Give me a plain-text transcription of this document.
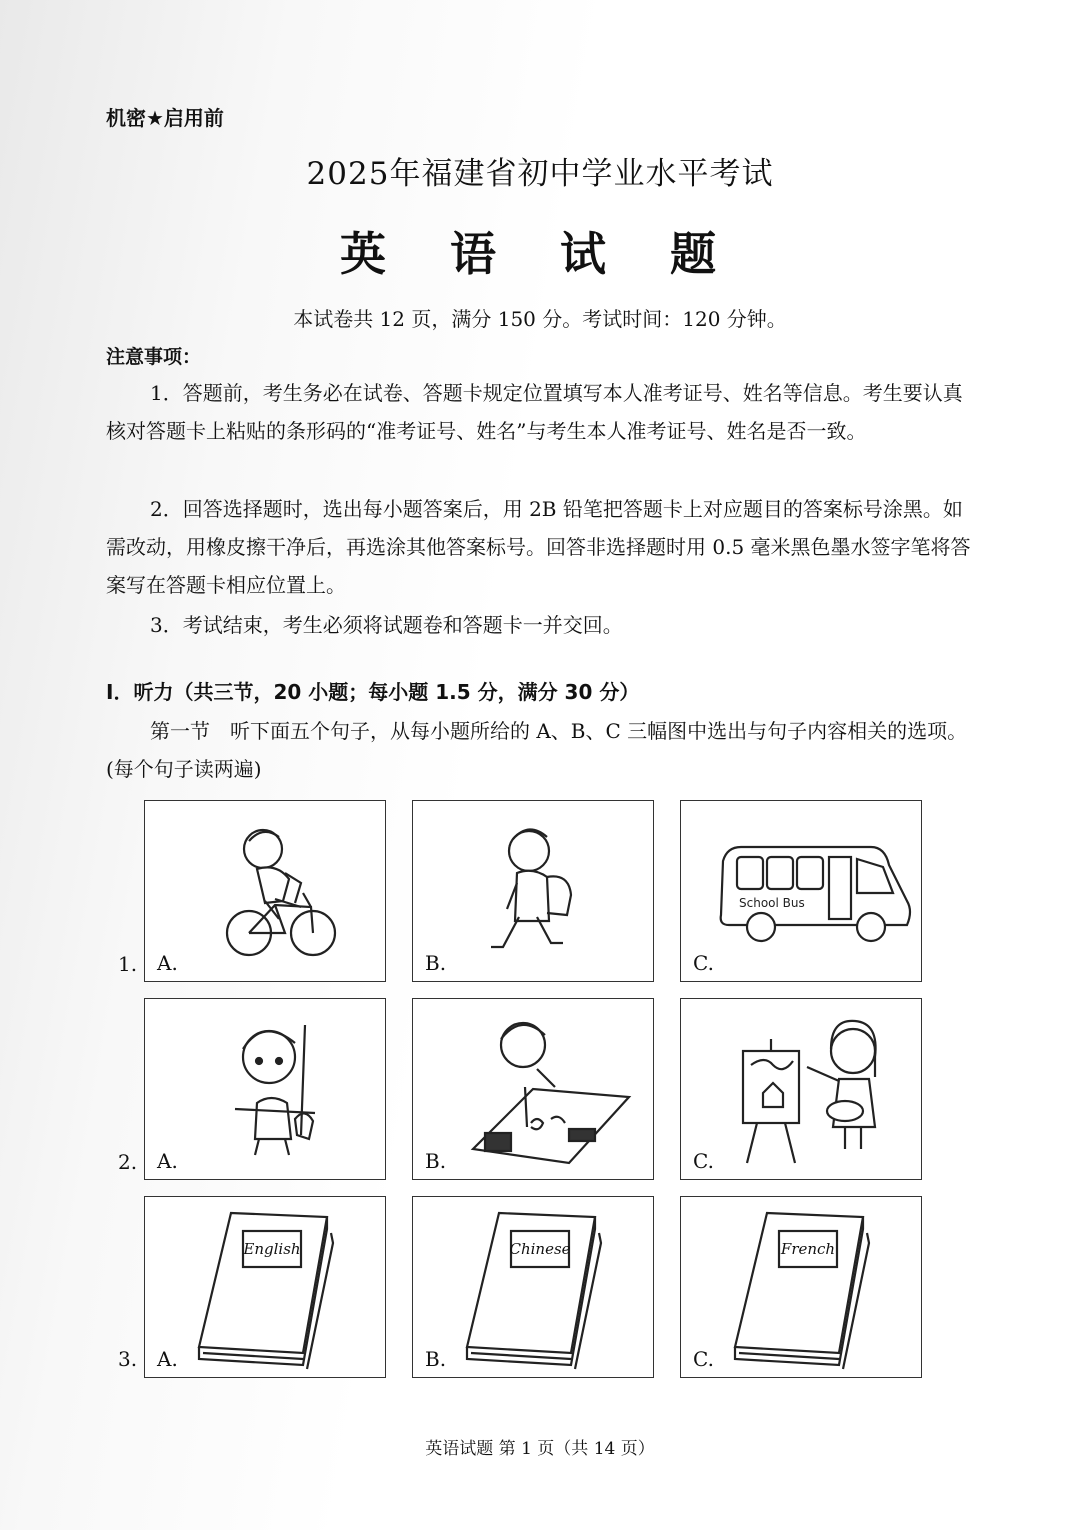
机密★启用前
2025年福建省初中学业水平考试
英 语 试 题
本试卷共 12 页，满分 150 分。考试时间：120 分钟。
注意事项：
1．答题前，考生务必在试卷、答题卡规定位置填写本人准考证号、姓名等信息。考生要认真核对答题卡上粘贴的条形码的“准考证号、姓名”与考生本人准考证号、姓名是否一致。
2．回答选择题时，选出每小题答案后，用 2B 铅笔把答题卡上对应题目的答案标号涂黑。如需改动，用橡皮擦干净后，再选涂其他答案标号。回答非选择题时用 0.5 毫米黑色墨水签字笔将答案写在答题卡相应位置上。
3．考试结束，考生必须将试题卷和答题卡一并交回。
Ⅰ．听力（共三节，20 小题；每小题 1.5 分，满分 30 分）
第一节　听下面五个句子，从每小题所给的 A、B、C 三幅图中选出与句子内容相关的选项。(每个句子读两遍)
1. A.	B.
School Bus
C.
2. A.	B.	C.
3.
English
A.
Chinese
B.
French
C.
英语试题 第 1 页（共 14 页）
